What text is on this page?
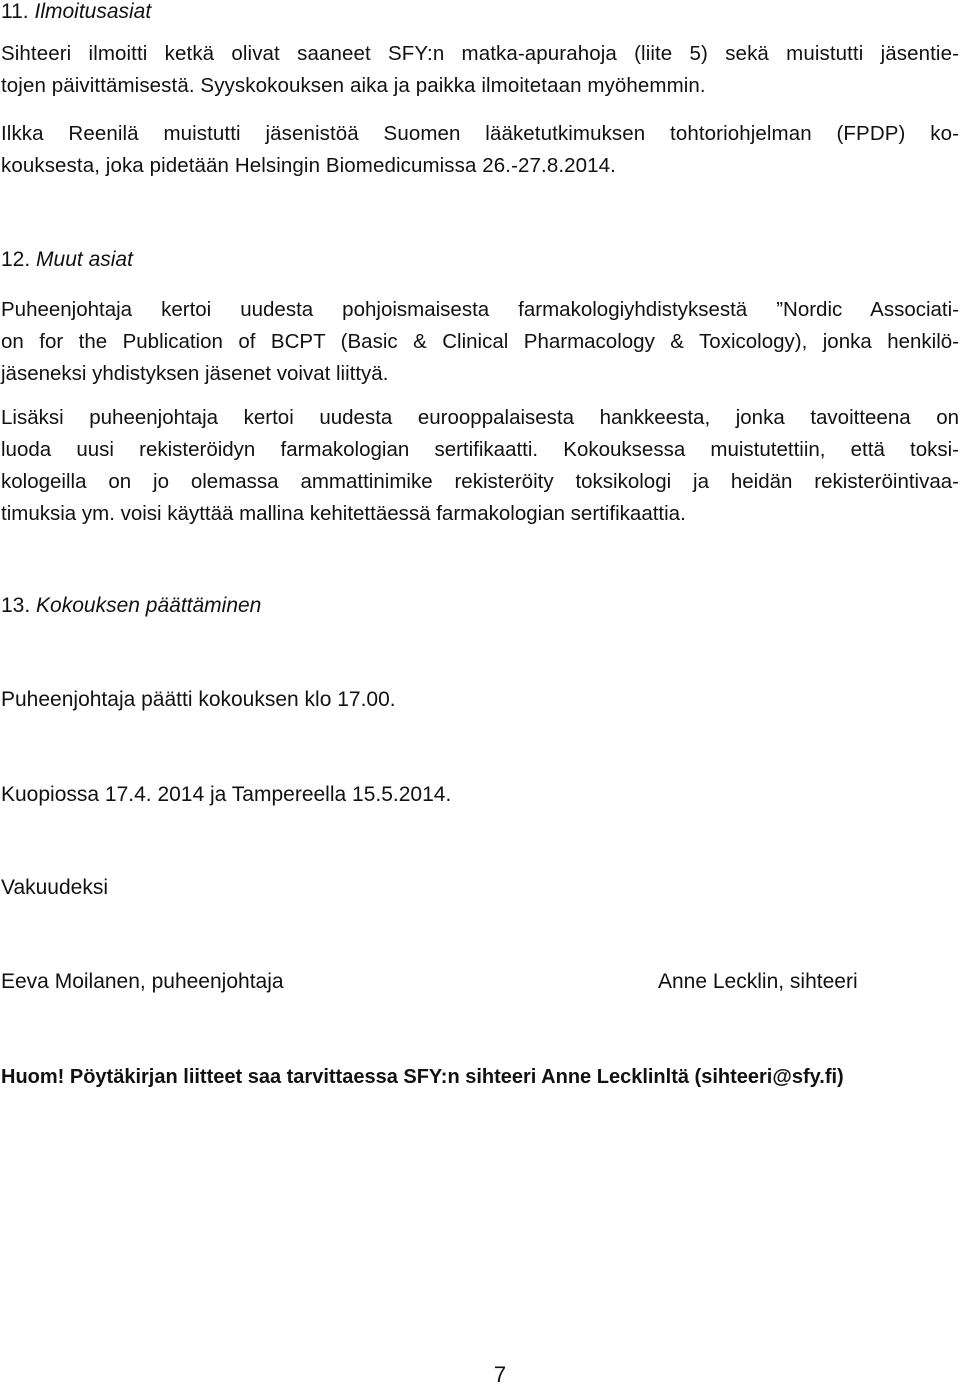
11. Ilmoitusasiat
Sihteeri ilmoitti ketkä olivat saaneet SFY:n matka-apurahoja (liite 5) sekä muistutti jäsentie-
tojen päivittämisestä. Syyskokouksen aika ja paikka ilmoitetaan myöhemmin.
Ilkka Reenilä muistutti jäsenistöä Suomen lääketutkimuksen tohtoriohjelman (FPDP) ko-
kouksesta, joka pidetään Helsingin Biomedicumissa 26.-27.8.2014.
12. Muut asiat
Puheenjohtaja kertoi uudesta pohjoismaisesta farmakologiyhdistyksestä ”Nordic Associati-
on for the Publication of BCPT (Basic & Clinical Pharmacology & Toxicology), jonka henkilö-
jäseneksi yhdistyksen jäsenet voivat liittyä.
Lisäksi puheenjohtaja kertoi uudesta eurooppalaisesta hankkeesta, jonka tavoitteena on
luoda uusi rekisteröidyn farmakologian sertifikaatti. Kokouksessa muistutettiin, että toksi-
kologeilla on jo olemassa ammattinimike rekisteröity toksikologi ja heidän rekisteröintivaa-
timuksia ym. voisi käyttää mallina kehitettäessä farmakologian sertifikaattia.
13. Kokouksen päättäminen
Puheenjohtaja päätti kokouksen klo 17.00.
Kuopiossa 17.4. 2014 ja Tampereella 15.5.2014.
Vakuudeksi
Eeva Moilanen, puheenjohtaja	Anne Lecklin, sihteeri
Huom! Pöytäkirjan liitteet saa tarvittaessa SFY:n sihteeri Anne Lecklinltä (sihteeri@sfy.fi)
7
